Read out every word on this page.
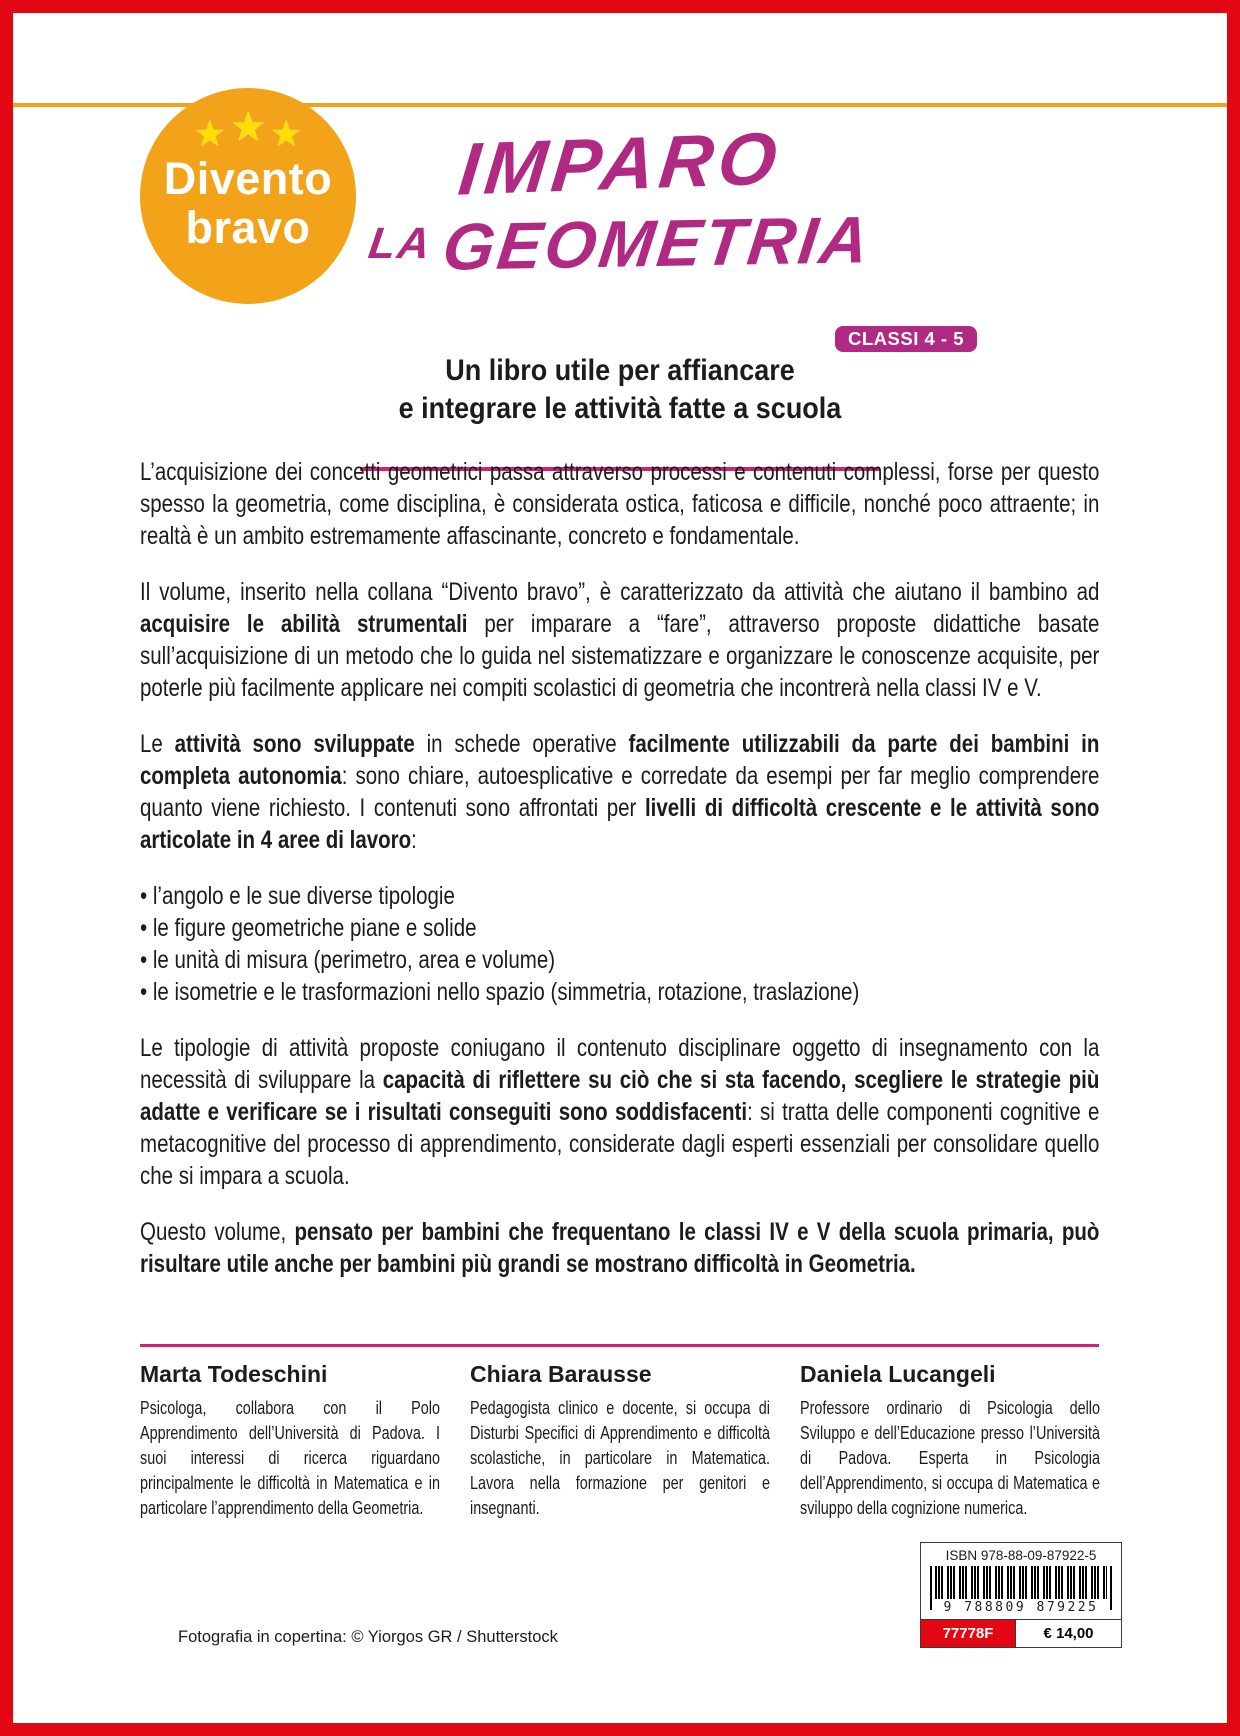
★ ★ ★
Divento
bravo
IMPARO
LAGEOMETRIA
CLASSI 4 - 5
Un libro utile per affiancare
e integrare le attività fatte a scuola

L’acquisizione dei concetti geometrici passa attraverso processi e contenuti complessi, forse per questo spesso la geometria, come disciplina, è considerata ostica, faticosa e difficile, nonché poco attraente; in realtà è un ambito estremamente affascinante, concreto e fondamentale.

Il volume, inserito nella collana “Divento bravo”, è caratterizzato da attività che aiutano il bambino ad acquisire le abilità strumentali per imparare a “fare”, attraverso proposte didattiche basate sull’acquisizione di un metodo che lo guida nel sistematizzare e organizzare le conoscenze acquisite, per poterle più facilmente applicare nei compiti scolastici di geometria che incontrerà nella classi IV e V.

Le attività sono sviluppate in schede operative facilmente utilizzabili da parte dei bambini in completa autonomia: sono chiare, autoesplicative e corredate da esempi per far meglio comprendere quanto viene richiesto. I contenuti sono affrontati per livelli di difficoltà crescente e le attività sono articolate in 4 aree di lavoro:

• l’angolo e le sue diverse tipologie
• le figure geometriche piane e solide
• le unità di misura (perimetro, area e volume)
• le isometrie e le trasformazioni nello spazio (simmetria, rotazione, traslazione)

Le tipologie di attività proposte coniugano il contenuto disciplinare oggetto di insegnamento con la necessità di sviluppare la capacità di riflettere su ciò che si sta facendo, scegliere le strategie più adatte e verificare se i risultati conseguiti sono soddisfacenti: si tratta delle componenti cognitive e metacognitive del processo di apprendimento, considerate dagli esperti essenziali per consolidare quello che si impara a scuola.

Questo volume, pensato per bambini che frequentano le classi IV e V della scuola primaria, può risultare utile anche per bambini più grandi se mostrano difficoltà in Geometria.

Marta Todeschini
Psicologa, collabora con il Polo Apprendimento dell’Università di Padova. I suoi interessi di ricerca riguardano principalmente le difficoltà in Matematica e in particolare l’apprendimento della Geometria.
Chiara Barausse
Pedagogista clinico e docente, si occupa di Disturbi Specifici di Apprendimento e difficoltà scolastiche, in particolare in Matematica. Lavora nella formazione per genitori e insegnanti.
Daniela Lucangeli
Professore ordinario di Psicologia dello Sviluppo e dell’Educazione presso l’Università di Padova. Esperta in Psicologia dell’Apprendimento, si occupa di Matematica e sviluppo della cognizione numerica.
ISBN 978-88-09-87922-5
9 788809 879225
77778F	€ 14,00
Fotografia in copertina: © Yiorgos GR / Shutterstock
